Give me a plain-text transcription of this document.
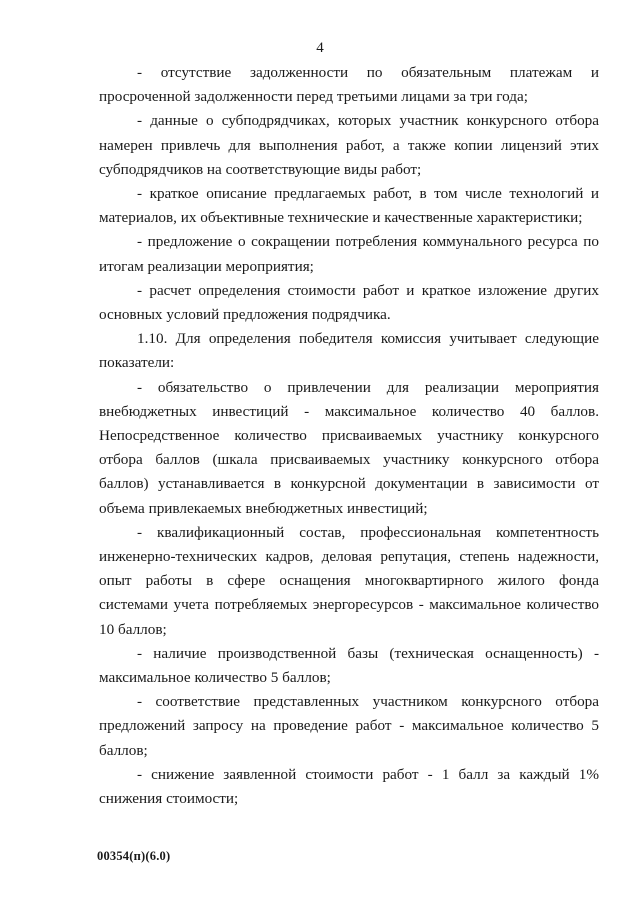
4

- отсутствие задолженности по обязательным платежам и просроченной задолженности перед третьими лицами за три года;

- данные о субподрядчиках, которых участник конкурсного отбора намерен привлечь для выполнения работ, а также копии лицензий этих субподрядчиков на соответствующие виды работ;

- краткое описание предлагаемых работ, в том числе технологий и материалов, их объективные технические и качественные характеристики;

- предложение о сокращении потребления коммунального ресурса по итогам реализации мероприятия;

- расчет определения стоимости работ и краткое изложение других основных условий предложения подрядчика.

1.10. Для определения победителя комиссия учитывает следующие показатели:

- обязательство о привлечении для реализации мероприятия внебюджетных инвестиций - максимальное количество 40 баллов. Непосредственное количество присваиваемых участнику конкурсного отбора баллов (шкала присваиваемых участнику конкурсного отбора баллов) устанавливается в конкурсной документации в зависимости от объема привлекаемых внебюджетных инвестиций;

- квалификационный состав, профессиональная компетентность инженерно-технических кадров, деловая репутация, степень надежности, опыт работы в сфере оснащения многоквартирного жилого фонда системами учета потребляемых энергоресурсов - максимальное количество 10 баллов;

- наличие производственной базы (техническая оснащенность) - максимальное количество 5 баллов;

- соответствие представленных участником конкурсного отбора предложений запросу на проведение работ - максимальное количество 5 баллов;

- снижение заявленной стоимости работ - 1 балл за каждый 1% снижения стоимости;

00354(п)(6.0)
